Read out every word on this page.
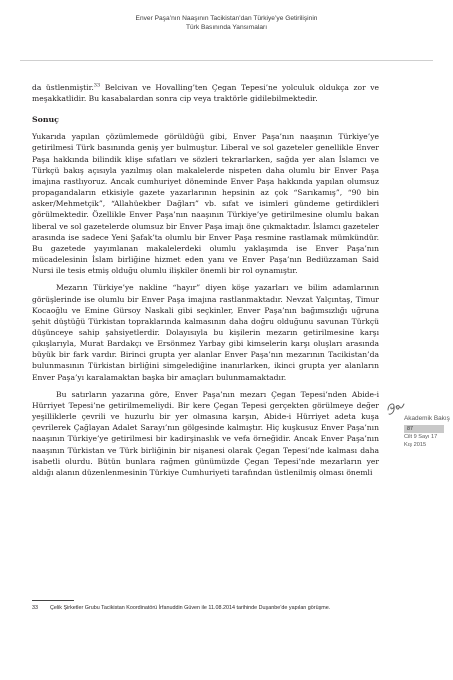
Enver Paşa’nın Naaşının Tacikistan’dan Türkiye’ye Getirilişinin
Türk Basınında Yansımaları

da üstlenmiştir.$^{33}$ Belcivan ve Hovalling’ten Çegan Tepesi’ne yolculuk oldukça zor ve meşakkatlidir. Bu kasabalardan sonra cip veya traktörle gidilebilmektedir.

Sonuç

Yukarıda yapılan çözümlemede görüldüğü gibi, Enver Paşa’nın naaşının Türkiye’ye getirilmesi Türk basınında geniş yer bulmuştur. Liberal ve sol gazeteler genellikle Enver Paşa hakkında bilindik klişe sıfatları ve sözleri tekrarlarken, sağda yer alan İslamcı ve Türkçü bakış açısıyla yazılmış olan makalelerde nispeten daha olumlu bir Enver Paşa imajına rastlıyoruz. Ancak cumhuriyet döneminde Enver Paşa hakkında yapılan olumsuz propagandaların etkisiyle gazete yazarlarının hepsinin az çok “Sarıkamış”, “90 bin asker/Mehmetçik”, “Allahüekber Dağları” vb. sıfat ve isimleri gündeme getirdikleri görülmektedir. Özellikle Enver Paşa’nın naaşının Türkiye’ye getirilmesine olumlu bakan liberal ve sol gazetelerde olumsuz bir Enver Paşa imajı öne çıkmaktadır. İslamcı gazeteler arasında ise sadece Yeni Şafak’ta olumlu bir Enver Paşa resmine rastlamak mümkündür. Bu gazetede yayımlanan makalelerdeki olumlu yaklaşımda ise Enver Paşa’nın mücadelesinin İslam birliğine hizmet eden yanı ve Enver Paşa’nın Bediüzzaman Said Nursi ile tesis etmiş olduğu olumlu ilişkiler önemli bir rol oynamıştır.

Mezarın Türkiye’ye nakline “hayır” diyen köşe yazarları ve bilim adamlarının görüşlerinde ise olumlu bir Enver Paşa imajına rastlanmaktadır. Nevzat Yalçıntaş, Timur Kocaoğlu ve Emine Gürsoy Naskali gibi seçkinler, Enver Paşa’nın bağımsızlığı uğruna şehit düştüğü Türkistan topraklarında kalmasının daha doğru olduğunu savunan Türkçü düşünceye sahip şahsiyetlerdir. Dolayısıyla bu kişilerin mezarın getirilmesine karşı çıkışlarıyla, Murat Bardakçı ve Ersönmez Yarbay gibi kimselerin karşı oluşları arasında büyük bir fark vardır. Birinci grupta yer alanlar Enver Paşa’nın mezarının Tacikistan’da bulunmasının Türkistan birliğini simgelediğine inanırlarken, ikinci grupta yer alanların Enver Paşa’yı karalamaktan başka bir amaçları bulunmamaktadır.

Bu satırların yazarına göre, Enver Paşa’nın mezarı Çegan Tepesi’nden Abide-i Hürriyet Tepesi’ne getirilmemeliydi. Bir kere Çegan Tepesi gerçekten görülmeye değer yeşilliklerle çevrili ve huzurlu bir yer olmasına karşın, Abide-i Hürriyet adeta kuşa çevrilerek Çağlayan Adalet Sarayı’nın gölgesinde kalmıştır. Hiç kuşkusuz Enver Paşa’nın naaşının Türkiye’ye getirilmesi bir kadirşinaslık ve vefa örneğidir. Ancak Enver Paşa’nın naaşının Türkistan ve Türk birliğinin bir nişanesi olarak Çegan Tepesi’nde kalması daha isabetli olurdu. Bütün bunlara rağmen günümüzde Çegan Tepesi’nde mezarların yer aldığı alanın düzenlenmesinin Türkiye Cumhuriyeti tarafından üstlenilmiş olması önemli

33	Çelik Şirketler Grubu Tacikistan Koordinatörü İrfanuddin Güven ile 11.08.2014 tarihinde Duşanbe’de yapılan görüşme.
Akademik Bakış
87
Cilt 9 Sayı 17
Kış 2015
